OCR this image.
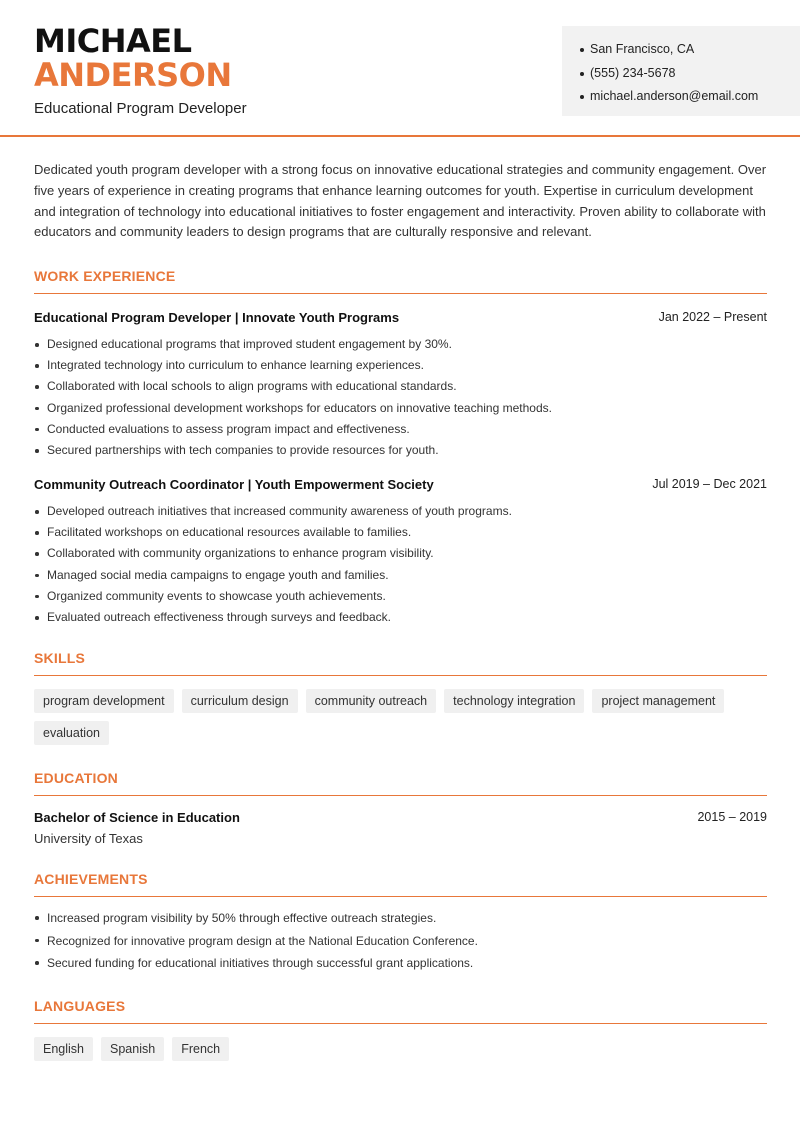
MICHAEL
ANDERSON
Educational Program Developer
San Francisco, CA
(555) 234-5678
michael.anderson@email.com

Dedicated youth program developer with a strong focus on innovative educational strategies and community engagement. Over five years of experience in creating programs that enhance learning outcomes for youth. Expertise in curriculum development and integration of technology into educational initiatives to foster engagement and interactivity. Proven ability to collaborate with educators and community leaders to design programs that are culturally responsive and relevant.

WORK EXPERIENCE
Educational Program Developer | Innovate Youth Programs	Jan 2022 – Present
Designed educational programs that improved student engagement by 30%.
Integrated technology into curriculum to enhance learning experiences.
Collaborated with local schools to align programs with educational standards.
Organized professional development workshops for educators on innovative teaching methods.
Conducted evaluations to assess program impact and effectiveness.
Secured partnerships with tech companies to provide resources for youth.
Community Outreach Coordinator | Youth Empowerment Society	Jul 2019 – Dec 2021
Developed outreach initiatives that increased community awareness of youth programs.
Facilitated workshops on educational resources available to families.
Collaborated with community organizations to enhance program visibility.
Managed social media campaigns to engage youth and families.
Organized community events to showcase youth achievements.
Evaluated outreach effectiveness through surveys and feedback.
SKILLS
program development	curriculum design	community outreach	technology integration	project management
evaluation
EDUCATION
Bachelor of Science in Education	2015 – 2019
University of Texas
ACHIEVEMENTS
Increased program visibility by 50% through effective outreach strategies.
Recognized for innovative program design at the National Education Conference.
Secured funding for educational initiatives through successful grant applications.
LANGUAGES
English	Spanish	French
